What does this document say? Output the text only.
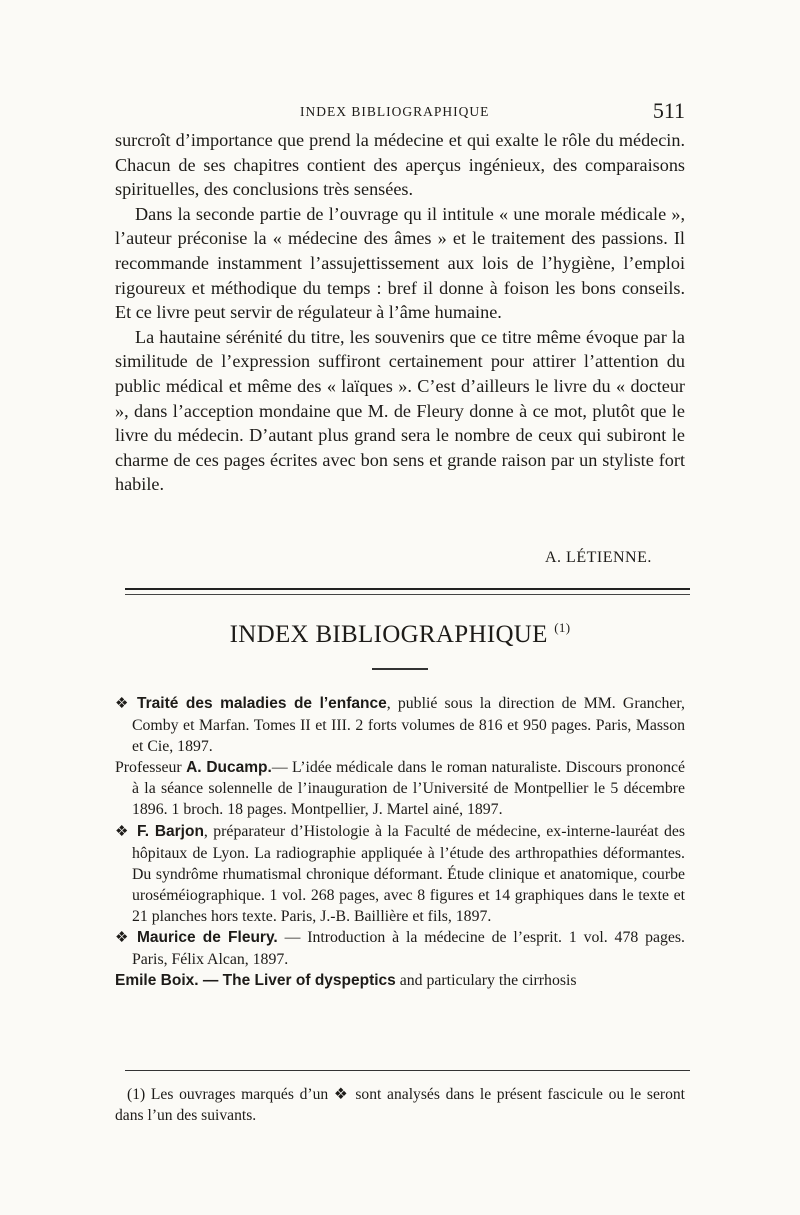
INDEX BIBLIOGRAPHIQUE	511

surcroît d’importance que prend la médecine et qui exalte le rôle du médecin. Chacun de ses chapitres contient des aperçus ingénieux, des comparaisons spirituelles, des conclusions très sensées.

Dans la seconde partie de l’ouvrage qu il intitule « une morale médicale », l’auteur préconise la « médecine des âmes » et le traitement des passions. Il recommande instamment l’assujettissement aux lois de l’hygiène, l’emploi rigoureux et méthodique du temps : bref il donne à foison les bons conseils. Et ce livre peut servir de régulateur à l’âme humaine.

La hautaine sérénité du titre, les souvenirs que ce titre même évoque par la similitude de l’expression suffiront certainement pour attirer l’attention du public médical et même des « laïques ». C’est d’ailleurs le livre du « docteur », dans l’acception mondaine que M. de Fleury donne à ce mot, plutôt que le livre du médecin. D’autant plus grand sera le nombre de ceux qui subiront le charme de ces pages écrites avec bon sens et grande raison par un styliste fort habile.

A. LÉTIENNE.
INDEX BIBLIOGRAPHIQUE $^{(1)}$

❖ Traité des maladies de l’enfance, publié sous la direction de MM. Grancher, Comby et Marfan. Tomes II et III. 2 forts volumes de 816 et 950 pages. Paris, Masson et Cie, 1897.

Professeur A. Ducamp.— L’idée médicale dans le roman naturaliste. Discours prononcé à la séance solennelle de l’inauguration de l’Université de Montpellier le 5 décembre 1896. 1 broch. 18 pages. Montpellier, J. Martel ainé, 1897.

❖ F. Barjon, préparateur d’Histologie à la Faculté de médecine, ex-interne-lauréat des hôpitaux de Lyon. La radiographie appliquée à l’étude des arthropathies déformantes. Du syndrôme rhumatismal chronique déformant. Étude clinique et anatomique, courbe uroséméiographique. 1 vol. 268 pages, avec 8 figures et 14 graphiques dans le texte et 21 planches hors texte. Paris, J.-B. Baillière et fils, 1897.

❖ Maurice de Fleury. — Introduction à la médecine de l’esprit. 1 vol. 478 pages. Paris, Félix Alcan, 1897.

Emile Boix. — The Liver of dyspeptics and particulary the cirrhosis

(1) Les ouvrages marqués d’un ❖ sont analysés dans le présent fascicule ou le seront dans l’un des suivants.
